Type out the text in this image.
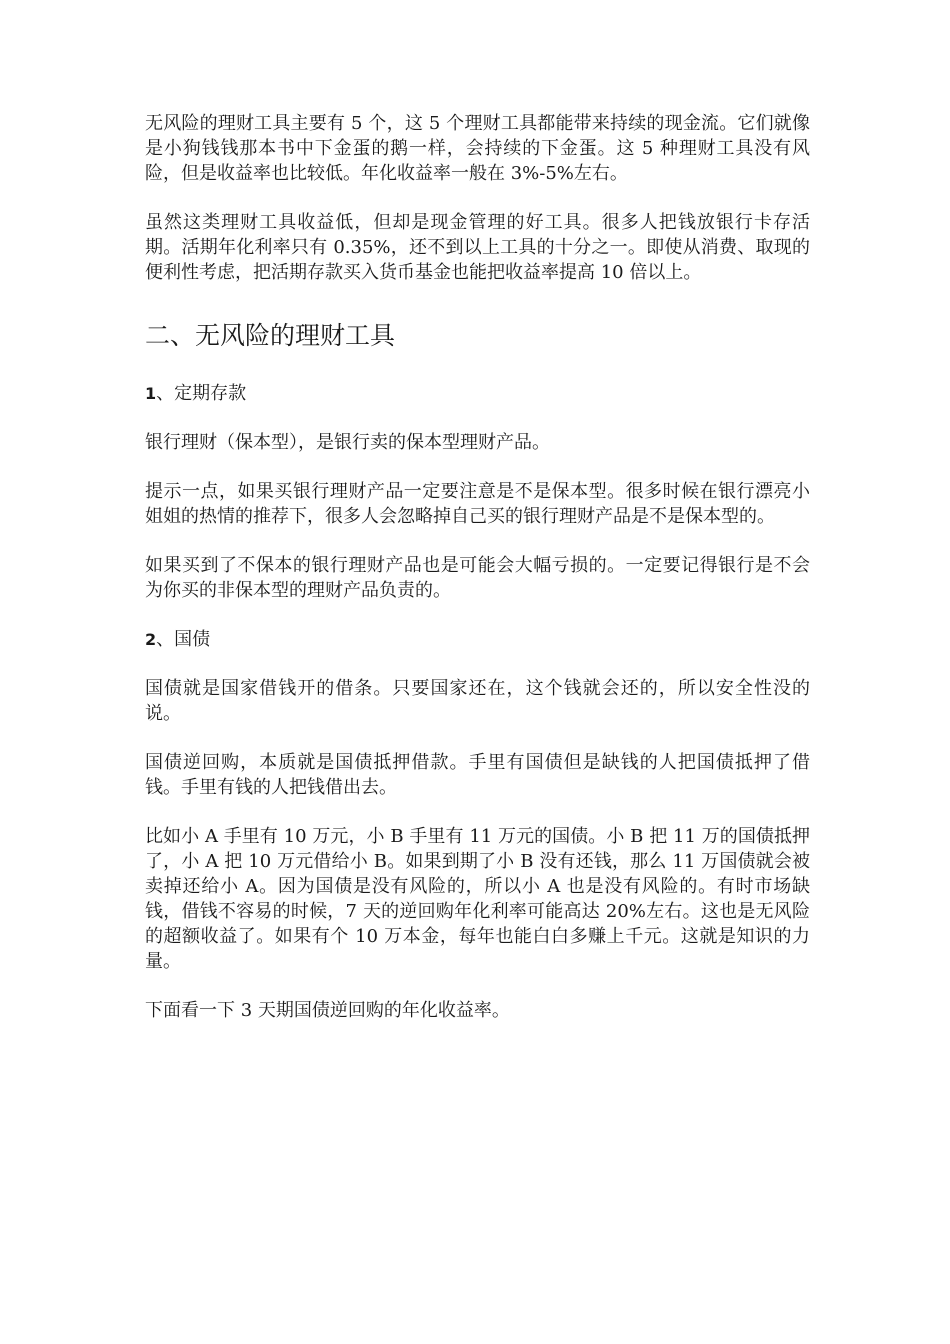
无风险的理财工具主要有 5 个，这 5 个理财工具都能带来持续的现金流。它们就像是小狗钱钱那本书中下金蛋的鹅一样，会持续的下金蛋。这 5 种理财工具没有风险，但是收益率也比较低。年化收益率一般在 3%-5%左右。

虽然这类理财工具收益低，但却是现金管理的好工具。很多人把钱放银行卡存活期。活期年化利率只有 0.35%，还不到以上工具的十分之一。即使从消费、取现的便利性考虑，把活期存款买入货币基金也能把收益率提高 10 倍以上。

二、无风险的理财工具
1、定期存款

银行理财（保本型），是银行卖的保本型理财产品。

提示一点，如果买银行理财产品一定要注意是不是保本型。很多时候在银行漂亮小姐姐的热情的推荐下，很多人会忽略掉自己买的银行理财产品是不是保本型的。

如果买到了不保本的银行理财产品也是可能会大幅亏损的。一定要记得银行是不会为你买的非保本型的理财产品负责的。

2、国债

国债就是国家借钱开的借条。只要国家还在，这个钱就会还的，所以安全性没的说。

国债逆回购，本质就是国债抵押借款。手里有国债但是缺钱的人把国债抵押了借钱。手里有钱的人把钱借出去。

比如小 A 手里有 10 万元，小 B 手里有 11 万元的国债。小 B 把 11 万的国债抵押了，小 A 把 10 万元借给小 B。如果到期了小 B 没有还钱，那么 11 万国债就会被卖掉还给小 A。因为国债是没有风险的，所以小 A 也是没有风险的。有时市场缺钱，借钱不容易的时候，7 天的逆回购年化利率可能高达 20%左右。这也是无风险的超额收益了。如果有个 10 万本金，每年也能白白多赚上千元。这就是知识的力量。

下面看一下 3 天期国债逆回购的年化收益率。
